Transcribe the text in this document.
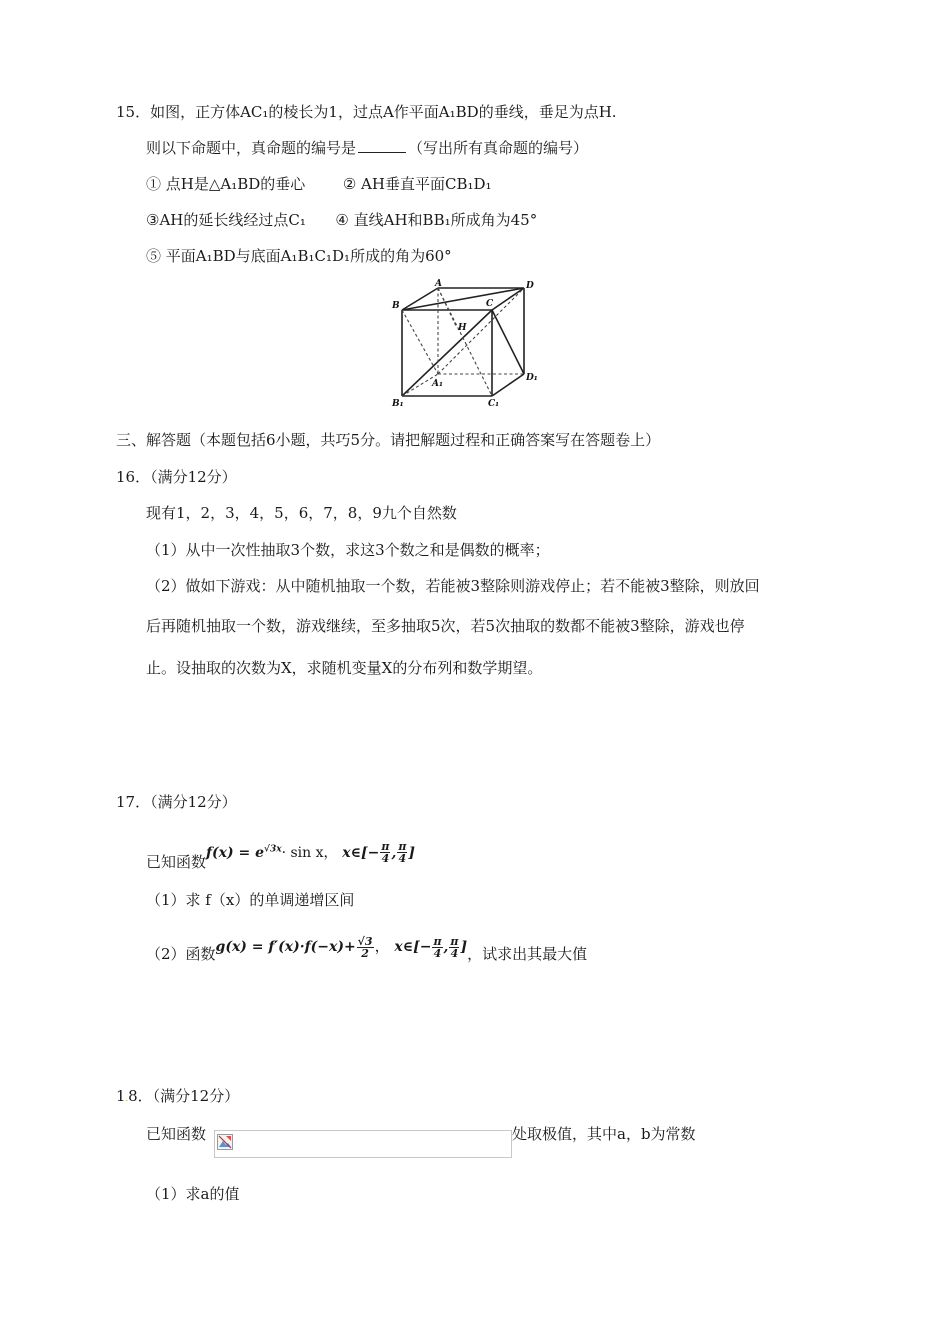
15．如图，正方体AC₁的棱长为1，过点A作平面A₁BD的垂线，垂足为点H.
则以下命题中，真命题的编号是	（写出所有真命题的编号）
① 点H是△A₁BD的垂心	② AH垂直平面CB₁D₁
③AH的延长线经过点C₁ ④ 直线AH和BB₁所成角为45°
⑤ 平面A₁BD与底面A₁B₁C₁D₁所成的角为60°
B
A
C
D
H
A₁
B₁	C₁
D₁
三、解答题（本题包括6小题，共巧5分。请把解题过程和正确答案写在答题卷上）
16．（满分12分）
现有1，2，3，4，5，6，7，8，9九个自然数
（1）从中一次性抽取3个数，求这3个数之和是偶数的概率；
（2）做如下游戏：从中随机抽取一个数，若能被3整除则游戏停止；若不能被3整除，则放回
后再随机抽取一个数，游戏继续，至多抽取5次，若5次抽取的数都不能被3整除，游戏也停
止。设抽取的次数为X，求随机变量X的分布列和数学期望。
17．（满分12分）
已知函数$f(x) = e^{√3x}\cdot \sin x$， x∈[− $\frac{\pi}{4}$ , $\frac{\pi}{4}$ ]
（1）求 f（x）的单调递增区间
（2）函数$g(x) = f'(x)\cdot f(-x)+ \frac{√3}{2}$ ， x∈[− $\frac{\pi}{4}$ , $\frac{\pi}{4}$ ]，试求出其最大值
1.8．（满分12分）
已知函数	处取极值，其中a，b为常数
（1）求a的值
